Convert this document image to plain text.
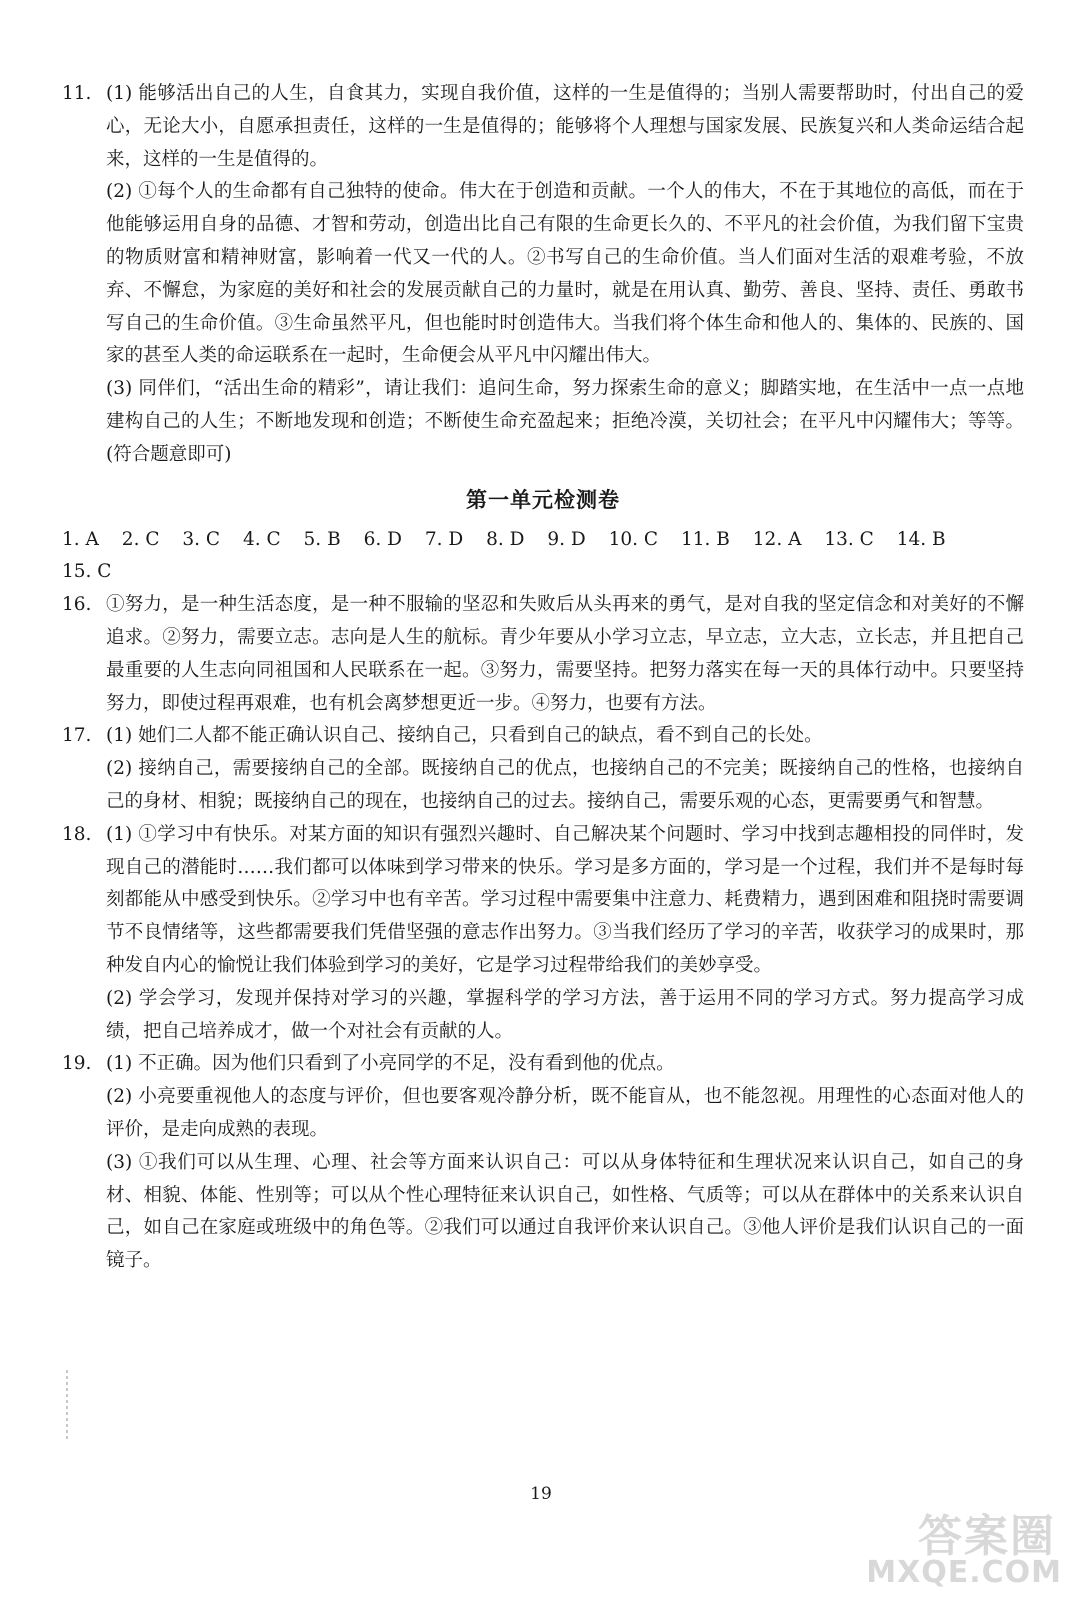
11. (1) 能够活出自己的人生，自食其力，实现自我价值，这样的一生是值得的；当别人需要帮助时，付出自己的爱心，无论大小，自愿承担责任，这样的一生是值得的；能够将个人理想与国家发展、民族复兴和人类命运结合起来，这样的一生是值得的。

(2) ①每个人的生命都有自己独特的使命。伟大在于创造和贡献。一个人的伟大，不在于其地位的高低，而在于他能够运用自身的品德、才智和劳动，创造出比自己有限的生命更长久的、不平凡的社会价值，为我们留下宝贵的物质财富和精神财富，影响着一代又一代的人。②书写自己的生命价值。当人们面对生活的艰难考验，不放弃、不懈怠，为家庭的美好和社会的发展贡献自己的力量时，就是在用认真、勤劳、善良、坚持、责任、勇敢书写自己的生命价值。③生命虽然平凡，但也能时时创造伟大。当我们将个体生命和他人的、集体的、民族的、国家的甚至人类的命运联系在一起时，生命便会从平凡中闪耀出伟大。

(3) 同伴们，“活出生命的精彩”，请让我们：追问生命，努力探索生命的意义；脚踏实地，在生活中一点一点地建构自己的人生；不断地发现和创造；不断使生命充盈起来；拒绝冷漠，关切社会；在平凡中闪耀伟大；等等。(符合题意即可)

第一单元检测卷
1. A 2. C 3. C 4. C 5. B 6. D 7. D 8. D 9. D 10. C 11. B 12. A 13. C 14. B
15. C
16. ①努力，是一种生活态度，是一种不服输的坚忍和失败后从头再来的勇气，是对自我的坚定信念和对美好的不懈追求。②努力，需要立志。志向是人生的航标。青少年要从小学习立志，早立志，立大志，立长志，并且把自己最重要的人生志向同祖国和人民联系在一起。③努力，需要坚持。把努力落实在每一天的具体行动中。只要坚持努力，即使过程再艰难，也有机会离梦想更近一步。④努力，也要有方法。

17. (1) 她们二人都不能正确认识自己、接纳自己，只看到自己的缺点，看不到自己的长处。

(2) 接纳自己，需要接纳自己的全部。既接纳自己的优点，也接纳自己的不完美；既接纳自己的性格，也接纳自己的身材、相貌；既接纳自己的现在，也接纳自己的过去。接纳自己，需要乐观的心态，更需要勇气和智慧。

18. (1) ①学习中有快乐。对某方面的知识有强烈兴趣时、自己解决某个问题时、学习中找到志趣相投的同伴时，发现自己的潜能时……我们都可以体味到学习带来的快乐。学习是多方面的，学习是一个过程，我们并不是每时每刻都能从中感受到快乐。②学习中也有辛苦。学习过程中需要集中注意力、耗费精力，遇到困难和阻挠时需要调节不良情绪等，这些都需要我们凭借坚强的意志作出努力。③当我们经历了学习的辛苦，收获学习的成果时，那种发自内心的愉悦让我们体验到学习的美好，它是学习过程带给我们的美妙享受。

(2) 学会学习，发现并保持对学习的兴趣，掌握科学的学习方法，善于运用不同的学习方式。努力提高学习成绩，把自己培养成才，做一个对社会有贡献的人。

19. (1) 不正确。因为他们只看到了小亮同学的不足，没有看到他的优点。

(2) 小亮要重视他人的态度与评价，但也要客观冷静分析，既不能盲从，也不能忽视。用理性的心态面对他人的评价，是走向成熟的表现。

(3) ①我们可以从生理、心理、社会等方面来认识自己：可以从身体特征和生理状况来认识自己，如自己的身材、相貌、体能、性别等；可以从个性心理特征来认识自己，如性格、气质等；可以从在群体中的关系来认识自己，如自己在家庭或班级中的角色等。②我们可以通过自我评价来认识自己。③他人评价是我们认识自己的一面镜子。

19
答案圈
MXQE.COM
